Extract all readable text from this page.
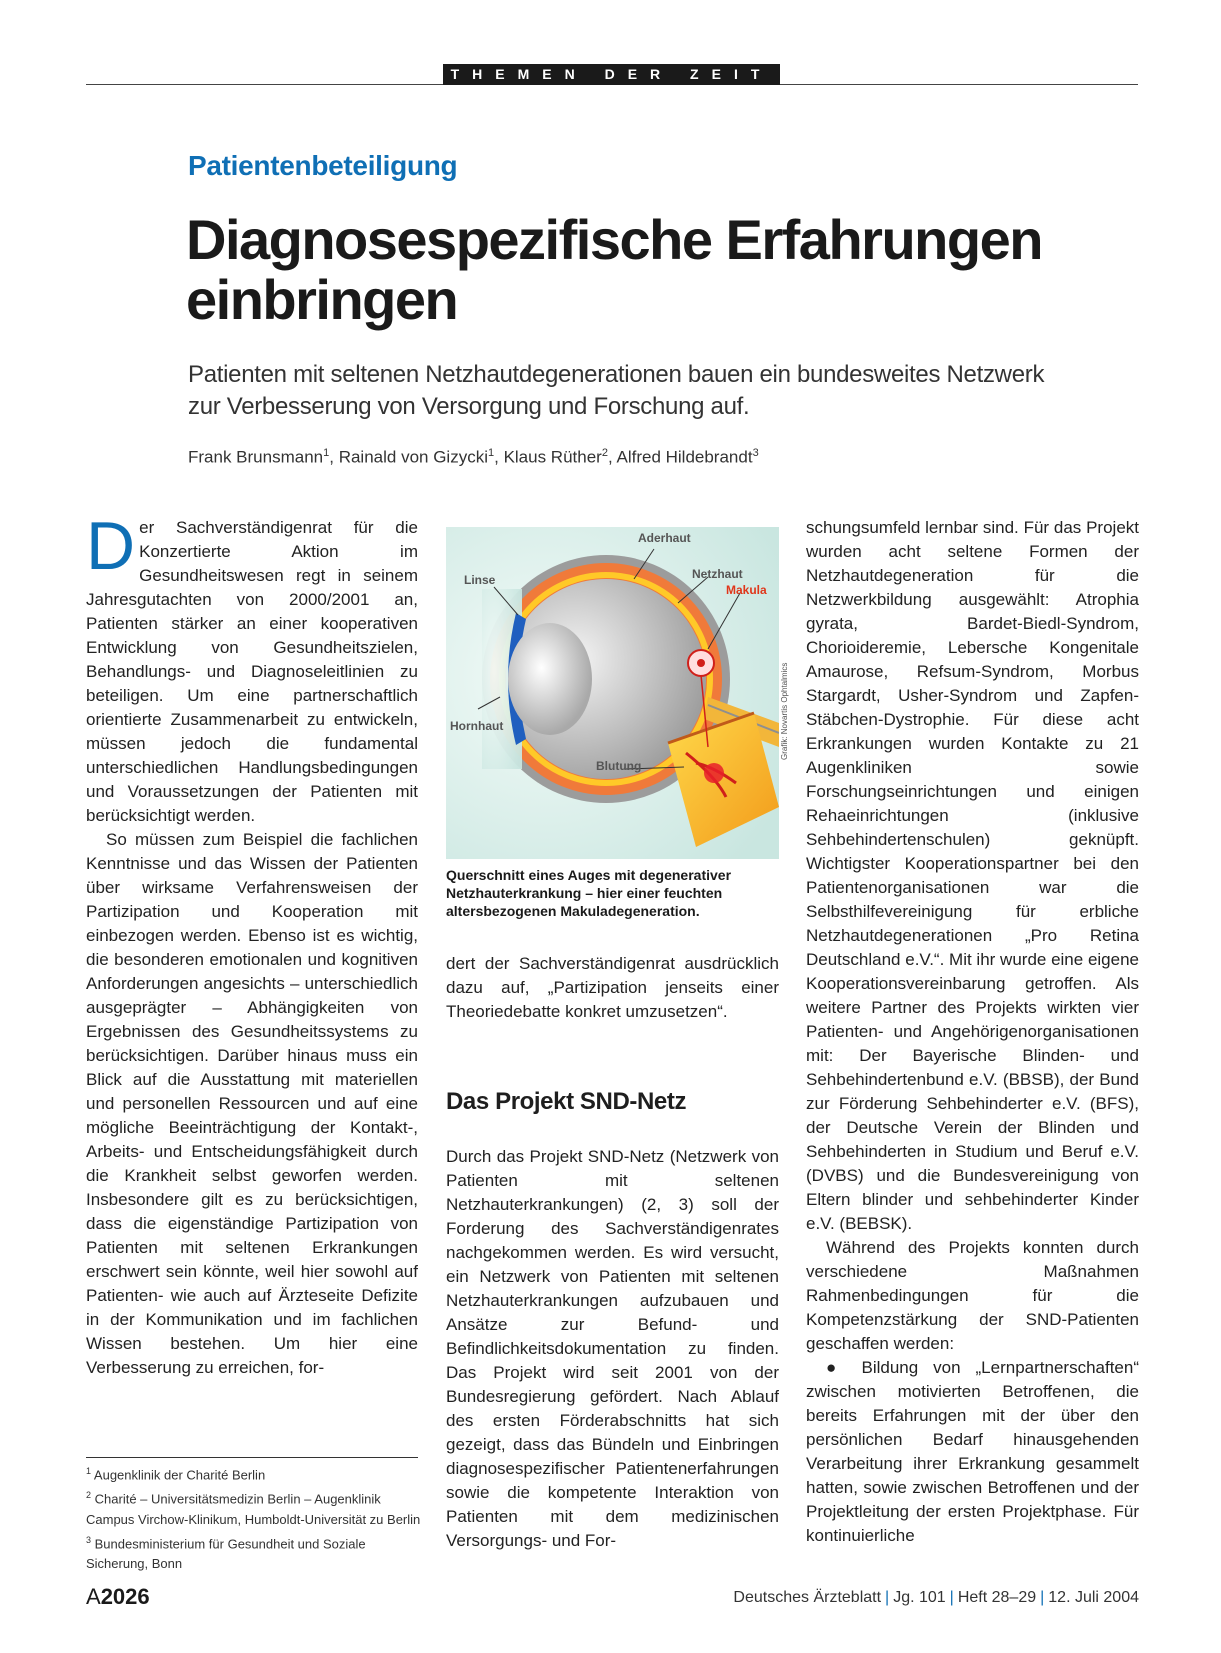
THEMEN DER ZEIT
Patientenbeteiligung
Diagnosespezifische Erfahrungen einbringen
Patienten mit seltenen Netzhautdegenerationen bauen ein bundesweites Netzwerk zur Verbesserung von Versorgung und Forschung auf.
Frank Brunsmann$^1$, Rainald von Gizycki$^1$, Klaus Rüther$^2$, Alfred Hildebrandt$^3$

Der Sachverständigenrat für die Konzertierte Aktion im Gesundheitswesen regt in seinem Jahresgutachten von 2000/2001 an, Patienten stärker an einer kooperativen Entwicklung von Gesundheitszielen, Behandlungs- und Diagnoseleitlinien zu beteiligen. Um eine partnerschaftlich orientierte Zusammenarbeit zu entwickeln, müssen jedoch die fundamental unterschiedlichen Handlungsbedingungen und Voraussetzungen der Patienten mit berücksichtigt werden.

So müssen zum Beispiel die fachlichen Kenntnisse und das Wissen der Patienten über wirksame Verfahrensweisen der Partizipation und Kooperation mit einbezogen werden. Ebenso ist es wichtig, die besonderen emotionalen und kognitiven Anforderungen angesichts – unterschiedlich ausgeprägter – Abhängigkeiten von Ergebnissen des Gesundheitssystems zu berücksichtigen. Darüber hinaus muss ein Blick auf die Ausstattung mit materiellen und personellen Ressourcen und auf eine mögliche Beeinträchtigung der Kontakt-, Arbeits- und Entscheidungsfähigkeit durch die Krankheit selbst geworfen werden. Insbesondere gilt es zu berücksichtigen, dass die eigenständige Partizipation von Patienten mit seltenen Erkrankungen erschwert sein könnte, weil hier sowohl auf Patienten- wie auch auf Ärzteseite Defizite in der Kommunikation und im fachlichen Wissen bestehen. Um hier eine Verbesserung zu erreichen, for-

Aderhaut
Linse	Netzhaut
Makula
Hornhaut
Blutung
Grafik: Novartis Ophtalmics
Querschnitt eines Auges mit degenerativer Netzhauterkrankung – hier einer feuchten altersbezogenen Makuladegeneration.

dert der Sachverständigenrat ausdrücklich dazu auf, „Partizipation jenseits einer Theoriedebatte konkret umzusetzen“.

Das Projekt SND-Netz

Durch das Projekt SND-Netz (Netzwerk von Patienten mit seltenen Netzhauterkrankungen) (2, 3) soll der Forderung des Sachverständigenrates nachgekommen werden. Es wird versucht, ein Netzwerk von Patienten mit seltenen Netzhauterkrankungen aufzubauen und Ansätze zur Befund- und Befindlichkeitsdokumentation zu finden. Das Projekt wird seit 2001 von der Bundesregierung gefördert. Nach Ablauf des ersten Förderabschnitts hat sich gezeigt, dass das Bündeln und Einbringen diagnosespezifischer Patientenerfahrungen sowie die kompetente Interaktion von Patienten mit dem medizinischen Versorgungs- und For-

schungsumfeld lernbar sind. Für das Projekt wurden acht seltene Formen der Netzhautdegeneration für die Netzwerkbildung ausgewählt: Atrophia gyrata, Bardet-Biedl-Syndrom, Chorioideremie, Lebersche Kongenitale Amaurose, Refsum-Syndrom, Morbus Stargardt, Usher-Syndrom und Zapfen-Stäbchen-Dystrophie. Für diese acht Erkrankungen wurden Kontakte zu 21 Augenkliniken sowie Forschungseinrichtungen und einigen Rehaeinrichtungen (inklusive Sehbehindertenschulen) geknüpft. Wichtigster Kooperationspartner bei den Patientenorganisationen war die Selbsthilfevereinigung für erbliche Netzhautdegenerationen „Pro Retina Deutschland e.V.“. Mit ihr wurde eine eigene Kooperationsvereinbarung getroffen. Als weitere Partner des Projekts wirkten vier Patienten- und Angehörigenorganisationen mit: Der Bayerische Blinden- und Sehbehindertenbund e.V. (BBSB), der Bund zur Förderung Sehbehinderter e.V. (BFS), der Deutsche Verein der Blinden und Sehbehinderten in Studium und Beruf e.V. (DVBS) und die Bundesvereinigung von Eltern blinder und sehbehinderter Kinder e.V. (BEBSK).

Während des Projekts konnten durch verschiedene Maßnahmen Rahmenbedingungen für die Kompetenzstärkung der SND-Patienten geschaffen werden:

● Bildung von „Lernpartnerschaften“ zwischen motivierten Betroffenen, die bereits Erfahrungen mit der über den persönlichen Bedarf hinausgehenden Verarbeitung ihrer Erkrankung gesammelt hatten, sowie zwischen Betroffenen und der Projektleitung der ersten Projektphase. Für kontinuierliche

$^1$ Augenklinik der Charité Berlin

$^2$ Charité – Universitätsmedizin Berlin – Augenklinik Campus Virchow-Klinikum, Humboldt-Universität zu Berlin

$^3$ Bundesministerium für Gesundheit und Soziale Sicherung, Bonn

A2026	Deutsches Ärzteblatt | Jg. 101 | Heft 28–29 | 12. Juli 2004
